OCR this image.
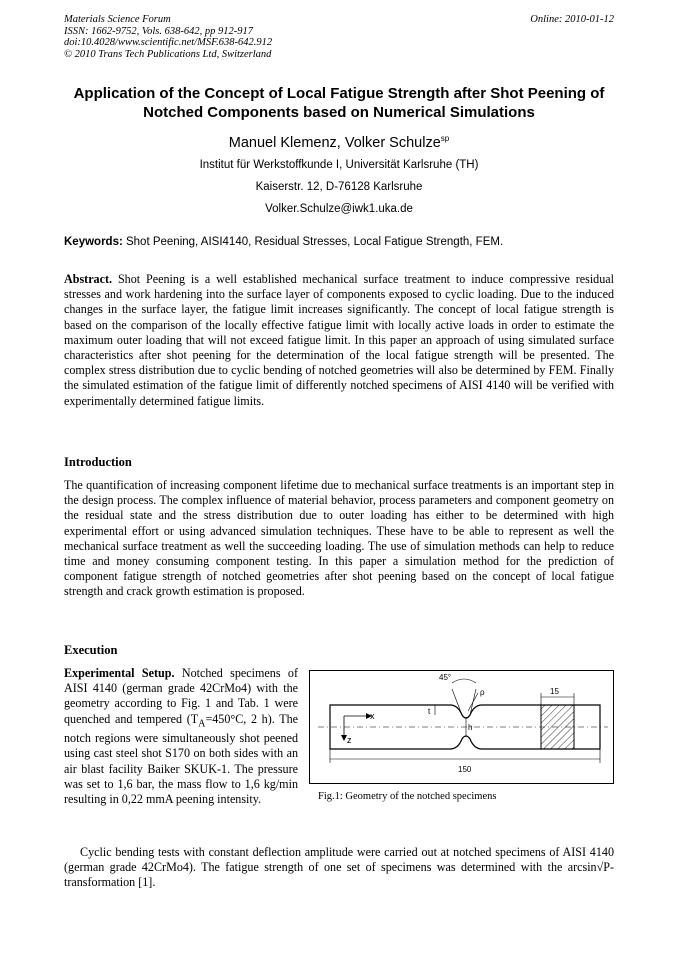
Materials Science Forum
ISSN: 1662-9752, Vols. 638-642, pp 912-917
doi:10.4028/www.scientific.net/MSF.638-642.912
© 2010 Trans Tech Publications Ltd, Switzerland
Online: 2010-01-12
Application of the Concept of Local Fatigue Strength after Shot Peening of Notched Components based on Numerical Simulations
Manuel Klemenz, Volker Schulze$^{sp}$
Institut für Werkstoffkunde I, Universität Karlsruhe (TH)
Kaiserstr. 12, D-76128 Karlsruhe
Volker.Schulze@iwk1.uka.de
Keywords: Shot Peening, AISI4140, Residual Stresses, Local Fatigue Strength, FEM.
Abstract. Shot Peening is a well established mechanical surface treatment to induce compressive residual stresses and work hardening into the surface layer of components exposed to cyclic loading. Due to the induced changes in the surface layer, the fatigue limit increases significantly. The concept of local fatigue strength is based on the comparison of the locally effective fatigue limit with locally active loads in order to estimate the maximum outer loading that will not exceed fatigue limit. In this paper an approach of using simulated surface characteristics after shot peening for the determination of the local fatigue strength will be presented. The complex stress distribution due to cyclic bending of notched geometries will also be determined by FEM. Finally the simulated estimation of the fatigue limit of differently notched specimens of AISI 4140 will be verified with experimentally determined fatigue limits.
Introduction
The quantification of increasing component lifetime due to mechanical surface treatments is an important step in the design process. The complex influence of material behavior, process parameters and component geometry on the residual state and the stress distribution due to outer loading has either to be determined with high experimental effort or using advanced simulation techniques. These have to be able to represent as well the mechanical surface treatment as well the succeeding loading. The use of simulation methods can help to reduce time and money consuming component testing. In this paper a simulation method for the prediction of component fatigue strength of notched geometries after shot peening based on the concept of local fatigue strength and crack growth estimation is proposed.
Execution
Experimental Setup. Notched specimens of AISI 4140 (german grade 42CrMo4) with the geometry according to Fig. 1 and Tab. 1 were quenched and tempered ($T_A=450^\circ C$, 2 h). The notch regions were simultaneously shot peened using cast steel shot S170 on both sides with an air blast facility Baiker SKUK-1. The pressure was set to 1,6 bar, the mass flow to 1,6 kg/min resulting in 0,22 mmA peening intensity.
15
45°
ρ
t
h
x
z
150
Fig.1: Geometry of the notched specimens
Cyclic bending tests with constant deflection amplitude were carried out at notched specimens of AISI 4140 (german grade 42CrMo4). The fatigue strength of one set of specimens was determined with the arcsin√P- transformation [1].
